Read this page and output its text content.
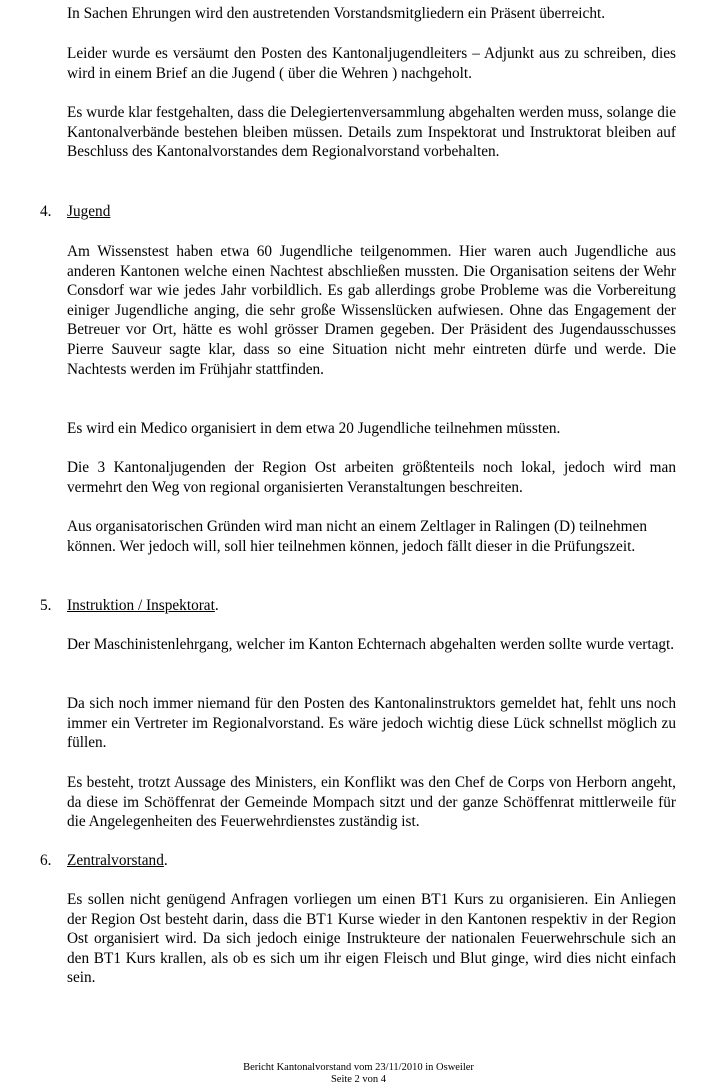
In Sachen Ehrungen wird den austretenden Vorstandsmitgliedern ein Präsent überreicht.

Leider wurde es versäumt den Posten des Kantonaljugendleiters – Adjunkt aus zu schreiben, dies wird in einem Brief an die Jugend ( über die Wehren ) nachgeholt.

Es wurde klar festgehalten, dass die Delegiertenversammlung abgehalten werden muss, solange die Kantonalverbände bestehen bleiben müssen. Details zum Inspektorat und Instruktorat bleiben auf Beschluss des Kantonalvorstandes dem Regionalvorstand vorbehalten.

4. Jugend

Am Wissenstest haben etwa 60 Jugendliche teilgenommen. Hier waren auch Jugendliche aus anderen Kantonen welche einen Nachtest abschließen mussten. Die Organisation seitens der Wehr Consdorf war wie jedes Jahr vorbildlich. Es gab allerdings grobe Probleme was die Vorbereitung einiger Jugendliche anging, die sehr große Wissenslücken aufwiesen. Ohne das Engagement der Betreuer vor Ort, hätte es wohl grösser Dramen gegeben. Der Präsident des Jugendausschusses Pierre Sauveur sagte klar, dass so eine Situation nicht mehr eintreten dürfe und werde. Die Nachtests werden im Frühjahr stattfinden.

Es wird ein Medico organisiert in dem etwa 20 Jugendliche teilnehmen müssten.

Die 3 Kantonaljugenden der Region Ost arbeiten größtenteils noch lokal, jedoch wird man vermehrt den Weg von regional organisierten Veranstaltungen beschreiten.

Aus organisatorischen Gründen wird man nicht an einem Zeltlager in Ralingen (D) teilnehmen können. Wer jedoch will, soll hier teilnehmen können, jedoch fällt dieser in die Prüfungszeit.

5. Instruktion / Inspektorat.

Der Maschinistenlehrgang, welcher im Kanton Echternach abgehalten werden sollte wurde vertagt.

Da sich noch immer niemand für den Posten des Kantonalinstruktors gemeldet hat, fehlt uns noch immer ein Vertreter im Regionalvorstand. Es wäre jedoch wichtig diese Lück schnellst möglich zu füllen.

Es besteht, trotzt Aussage des Ministers, ein Konflikt was den Chef de Corps von Herborn angeht, da diese im Schöffenrat der Gemeinde Mompach sitzt und der ganze Schöffenrat mittlerweile für die Angelegenheiten des Feuerwehrdienstes zuständig ist.

6. Zentralvorstand.

Es sollen nicht genügend Anfragen vorliegen um einen BT1 Kurs zu organisieren. Ein Anliegen der Region Ost besteht darin, dass die BT1 Kurse wieder in den Kantonen respektiv in der Region Ost organisiert wird. Da sich jedoch einige Instrukteure der nationalen Feuerwehrschule sich an den BT1 Kurs krallen, als ob es sich um ihr eigen Fleisch und Blut ginge, wird dies nicht einfach sein.

Bericht Kantonalvorstand vom 23/11/2010 in Osweiler
Seite 2 von 4
